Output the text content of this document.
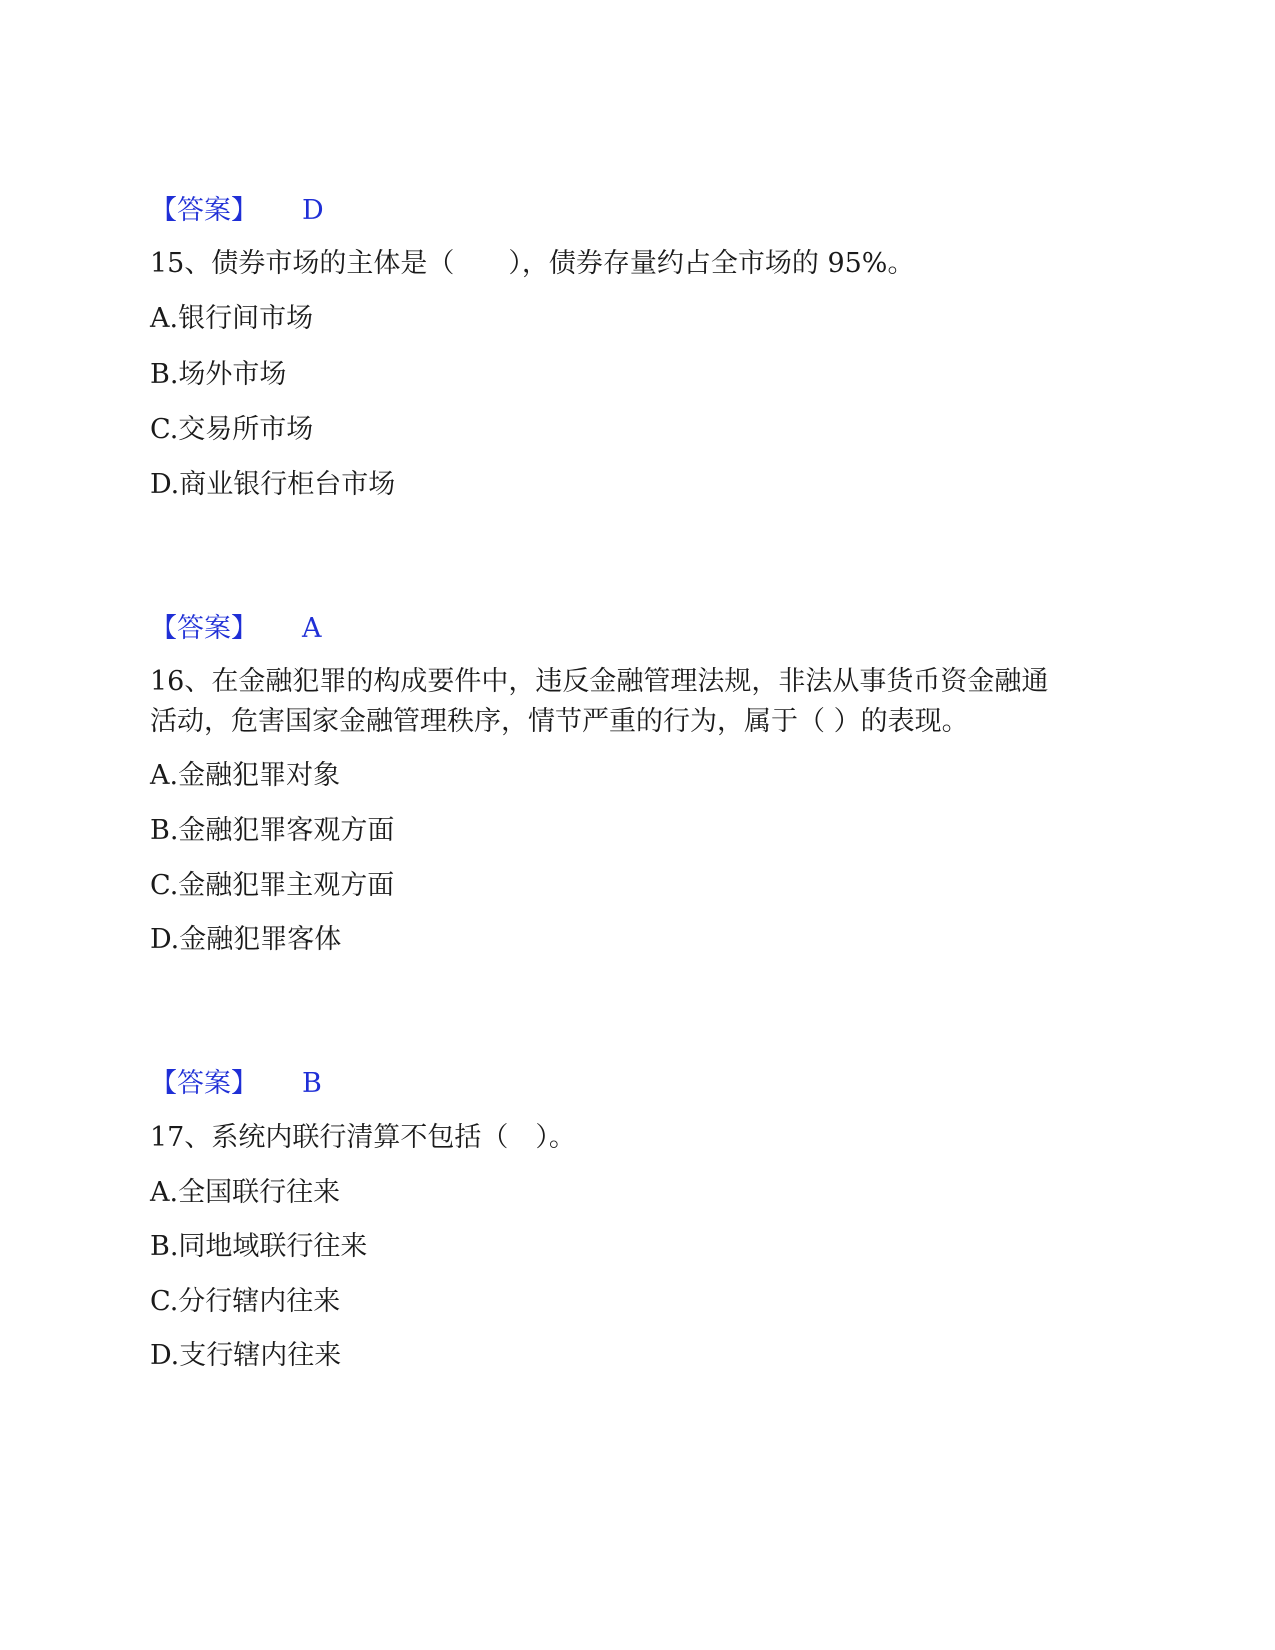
【答案】 D
15、债券市场的主体是（　　），债券存量约占全市场的 95%。
A.银行间市场
B.场外市场
C.交易所市场
D.商业银行柜台市场
【答案】 A
16、在金融犯罪的构成要件中，违反金融管理法规，非法从事货币资金融通
活动，危害国家金融管理秩序，情节严重的行为，属于（ ）的表现。
A.金融犯罪对象
B.金融犯罪客观方面
C.金融犯罪主观方面
D.金融犯罪客体
【答案】 B
17、系统内联行清算不包括（　）。
A.全国联行往来
B.同地域联行往来
C.分行辖内往来
D.支行辖内往来
